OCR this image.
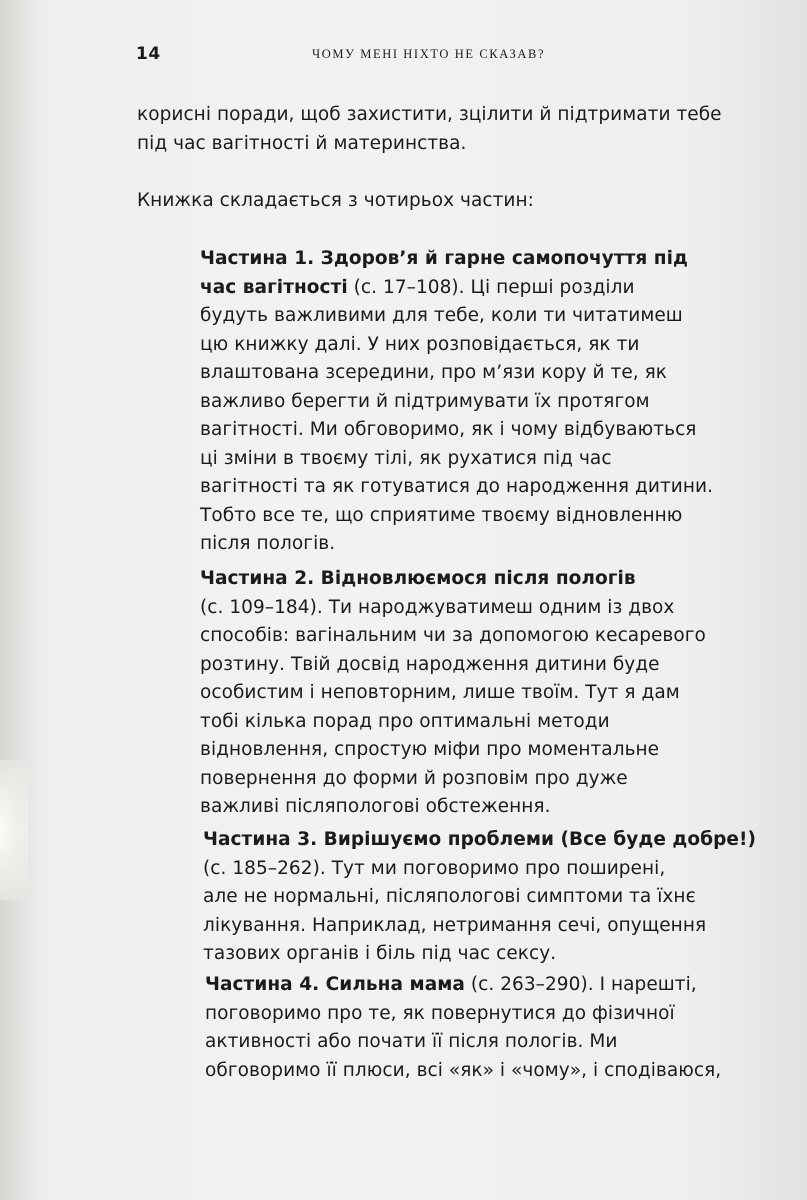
14	ЧОМУ МЕНІ НІХТО НЕ СКАЗАВ?
корисні поради, щоб захистити, зцілити й підтримати тебе
під час вагітності й материнства.
Книжка складається з чотирьох частин:
Частина 1. Здоров’я й гарне самопочуття під
час вагітності (с. 17–108). Ці перші розділи
будуть важливими для тебе, коли ти читатимеш
цю книжку далі. У них розповідається, як ти
влаштована зсередини, про м’язи кору й те, як
важливо берегти й підтримувати їх протягом
вагітності. Ми обговоримо, як і чому відбуваються
ці зміни в твоєму тілі, як рухатися під час
вагітності та як готуватися до народження дитини.
Тобто все те, що сприятиме твоєму відновленню
після пологів.
Частина 2. Відновлюємося після пологів
(с. 109–184). Ти народжуватимеш одним із двох
способів: вагінальним чи за допомогою кесаревого
розтину. Твій досвід народження дитини буде
особистим і неповторним, лише твоїм. Тут я дам
тобі кілька порад про оптимальні методи
відновлення, спростую міфи про моментальне
повернення до форми й розповім про дуже
важливі післяпологові обстеження.
Частина 3. Вирішуємо проблеми (Все буде добре!)
(с. 185–262). Тут ми поговоримо про поширені,
але не нормальні, післяпологові симптоми та їхнє
лікування. Наприклад, нетримання сечі, опущення
тазових органів і біль під час сексу.
Частина 4. Сильна мама (с. 263–290). І нарешті,
поговоримо про те, як повернутися до фізичної
активності або почати її після пологів. Ми
обговоримо її плюси, всі «як» і «чому», і сподіваюся,
